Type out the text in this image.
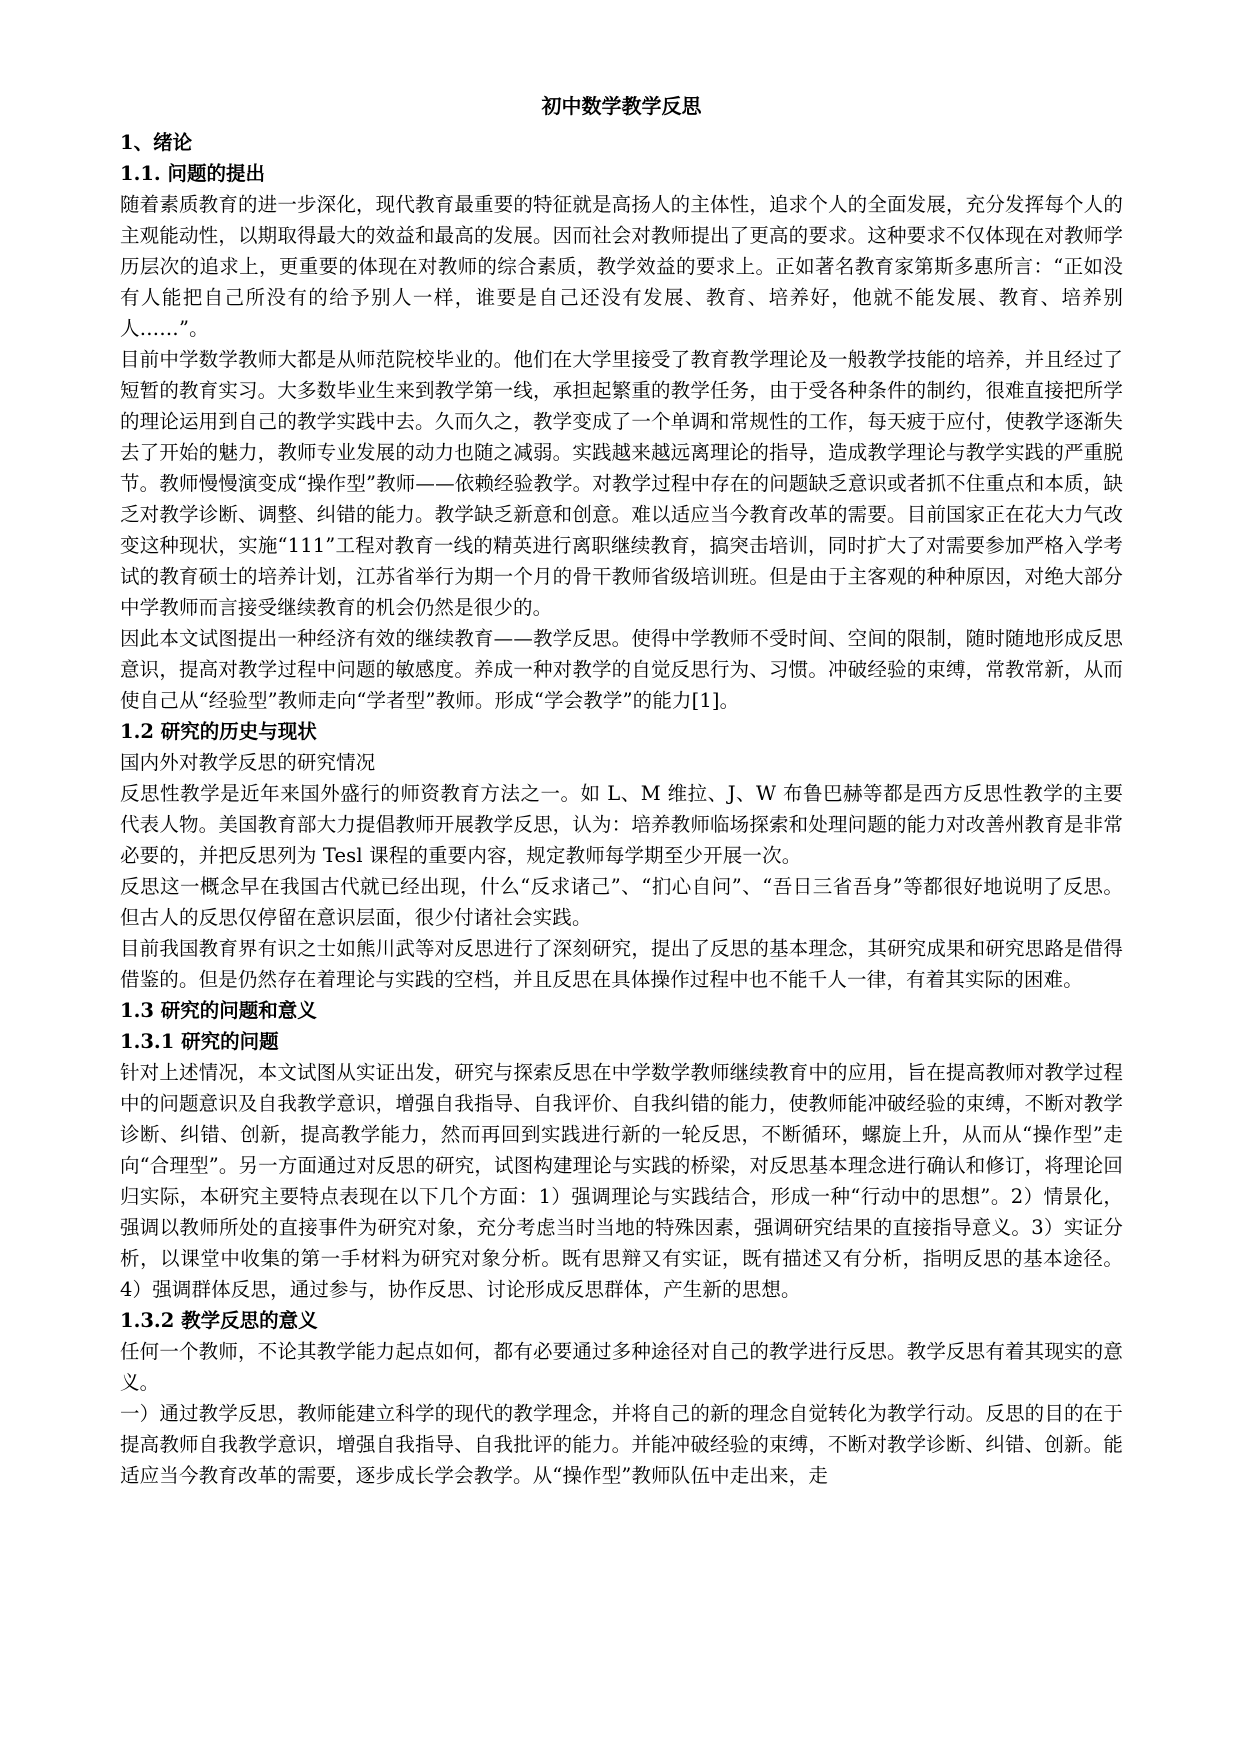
初中数学教学反思
1、绪论
1.1. 问题的提出

随着素质教育的进一步深化，现代教育最重要的特征就是高扬人的主体性，追求个人的全面发展，充分发挥每个人的主观能动性，以期取得最大的效益和最高的发展。因而社会对教师提出了更高的要求。这种要求不仅体现在对教师学历层次的追求上，更重要的体现在对教师的综合素质，教学效益的要求上。正如著名教育家第斯多惠所言：“正如没有人能把自己所没有的给予别人一样，谁要是自己还没有发展、教育、培养好，他就不能发展、教育、培养别人……”。

目前中学数学教师大都是从师范院校毕业的。他们在大学里接受了教育教学理论及一般教学技能的培养，并且经过了短暂的教育实习。大多数毕业生来到教学第一线，承担起繁重的教学任务，由于受各种条件的制约，很难直接把所学的理论运用到自己的教学实践中去。久而久之，教学变成了一个单调和常规性的工作，每天疲于应付，使教学逐渐失去了开始的魅力，教师专业发展的动力也随之减弱。实践越来越远离理论的指导，造成教学理论与教学实践的严重脱节。教师慢慢演变成“操作型”教师——依赖经验教学。对教学过程中存在的问题缺乏意识或者抓不住重点和本质，缺乏对教学诊断、调整、纠错的能力。教学缺乏新意和创意。难以适应当今教育改革的需要。目前国家正在花大力气改变这种现状，实施“111”工程对教育一线的精英进行离职继续教育，搞突击培训，同时扩大了对需要参加严格入学考试的教育硕士的培养计划，江苏省举行为期一个月的骨干教师省级培训班。但是由于主客观的种种原因，对绝大部分中学教师而言接受继续教育的机会仍然是很少的。

因此本文试图提出一种经济有效的继续教育——教学反思。使得中学教师不受时间、空间的限制，随时随地形成反思意识，提高对教学过程中问题的敏感度。养成一种对教学的自觉反思行为、习惯。冲破经验的束缚，常教常新，从而使自己从“经验型”教师走向“学者型”教师。形成“学会教学”的能力[1]。

1.2 研究的历史与现状

国内外对教学反思的研究情况

反思性教学是近年来国外盛行的师资教育方法之一。如 L、M 维拉、J、W 布鲁巴赫等都是西方反思性教学的主要代表人物。美国教育部大力提倡教师开展教学反思，认为：培养教师临场探索和处理问题的能力对改善州教育是非常必要的，并把反思列为 Tesl 课程的重要内容，规定教师每学期至少开展一次。

反思这一概念早在我国古代就已经出现，什么“反求诸己”、“扪心自问”、“吾日三省吾身”等都很好地说明了反思。但古人的反思仅停留在意识层面，很少付诸社会实践。

目前我国教育界有识之士如熊川武等对反思进行了深刻研究，提出了反思的基本理念，其研究成果和研究思路是借得借鉴的。但是仍然存在着理论与实践的空档，并且反思在具体操作过程中也不能千人一律，有着其实际的困难。

1.3 研究的问题和意义
1.3.1 研究的问题

针对上述情况，本文试图从实证出发，研究与探索反思在中学数学教师继续教育中的应用，旨在提高教师对教学过程中的问题意识及自我教学意识，增强自我指导、自我评价、自我纠错的能力，使教师能冲破经验的束缚，不断对教学诊断、纠错、创新，提高教学能力，然而再回到实践进行新的一轮反思，不断循环，螺旋上升，从而从“操作型”走向“合理型”。另一方面通过对反思的研究，试图构建理论与实践的桥梁，对反思基本理念进行确认和修订，将理论回归实际，本研究主要特点表现在以下几个方面：1）强调理论与实践结合，形成一种“行动中的思想”。2）情景化，强调以教师所处的直接事件为研究对象，充分考虑当时当地的特殊因素，强调研究结果的直接指导意义。3）实证分析，以课堂中收集的第一手材料为研究对象分析。既有思辩又有实证，既有描述又有分析，指明反思的基本途径。4）强调群体反思，通过参与，协作反思、讨论形成反思群体，产生新的思想。

1.3.2 教学反思的意义

任何一个教师，不论其教学能力起点如何，都有必要通过多种途径对自己的教学进行反思。教学反思有着其现实的意义。

一）通过教学反思，教师能建立科学的现代的教学理念，并将自己的新的理念自觉转化为教学行动。反思的目的在于提高教师自我教学意识，增强自我指导、自我批评的能力。并能冲破经验的束缚，不断对教学诊断、纠错、创新。能适应当今教育改革的需要，逐步成长学会教学。从“操作型”教师队伍中走出来，走
